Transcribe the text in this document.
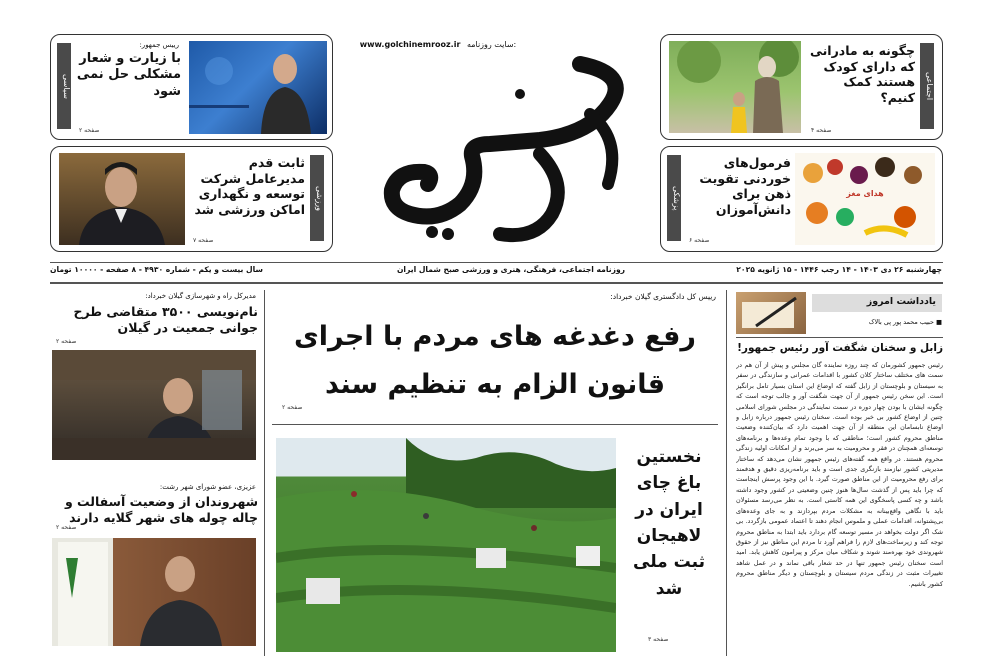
سیاسی
رییس جمهور:
با زیارت و شعار مشکلی حل نمی شود
صفحه ۲
ورزشی
ثابت قدم مدیرعامل شرکت توسعه و نگهداری اماکن ورزشی شد
صفحه ۷
www.golchinemrooz.ir سایت روزنامه:	چگونه به مادرانی که دارای کودک هستند کمک کنیم؟
صفحه ۴
اجتماعی
پزشکی
فرمول‌های خوردنی تقویت ذهن برای دانش‌آموزان
صفحه ۶
هدای مغز
چهارشنبه ۲۶ دی ۱۴۰۳ - ۱۴ رجب ۱۴۴۶ - ۱۵ ژانویه ۲۰۲۵
روزنامه اجتماعی، فرهنگی، هنری و ورزشی صبح شمال ایران
سال بیست و یکم - شماره ۴۹۳۰ - ۸ صفحه - ۱۰۰۰۰ تومان
مدیرکل راه و شهرسازی گیلان خبرداد:
نام‌نویسی ۳۵۰۰ متقاضی طرح جوانی جمعیت در گیلان
صفحه ۲
عزیزی، عضو شورای شهر رشت:
شهروندان از وضعیت آسفالت و چاله چوله های شهر گلایه دارند
صفحه ۲
رییس کل دادگستری گیلان خبرداد:
رفع دغدغه های مردم با اجرای
قانون الزام به تنظیم سند
صفحه ۲
نخستین باغ چای ایران در لاهیجان ثبت ملی شد
صفحه ۳
یادداشت امروز
■ حبیب محمد پور پی بالاک
زابل و سخنان شگفت آور رئیس جمهور!
رئیس جمهور کشورمان که چند روزه نماینده گان مجلس و پیش از آن هم در سمت های مختلف ساختار کلان کشور با اقدامات عمرانی و سازندگی در سفر به سیستان و بلوچستان از زابل گفته که اوضاع این استان بسیار تامل برانگیز است. این سخن رئیس جمهور از آن جهت شگفت آور و جالب توجه است که چگونه ایشان با بودن چهار دوره در سمت نمایندگی در مجلس شورای اسلامی چنین از اوضاع کشور بی خبر بوده است. سخنان رئیس جمهور درباره زابل و اوضاع نابسامان این منطقه از آن جهت اهمیت دارد که بیان‌کننده وضعیت مناطق محروم کشور است؛ مناطقی که با وجود تمام وعده‌ها و برنامه‌های توسعه‌ای همچنان در فقر و محرومیت به سر می‌برند و از امکانات اولیه زندگی محروم هستند. در واقع همه گفته‌های رئیس جمهور نشان می‌دهد که ساختار مدیریتی کشور نیازمند بازنگری جدی است و باید برنامه‌ریزی دقیق و هدفمند برای رفع محرومیت از این مناطق صورت گیرد. با این وجود پرسش اینجاست که چرا باید پس از گذشت سال‌ها هنوز چنین وضعیتی در کشور وجود داشته باشد و چه کسی پاسخگوی این همه کاستی است. به نظر می‌رسد مسئولان باید با نگاهی واقع‌بینانه به مشکلات مردم بپردازند و به جای وعده‌های بی‌پشتوانه، اقدامات عملی و ملموس انجام دهند تا اعتماد عمومی بازگردد. بی شک اگر دولت بخواهد در مسیر توسعه گام بردارد باید ابتدا به مناطق محروم توجه کند و زیرساخت‌های لازم را فراهم آورد تا مردم این مناطق نیز از حقوق شهروندی خود بهره‌مند شوند و شکاف میان مرکز و پیرامون کاهش یابد. امید است سخنان رئیس جمهور تنها در حد شعار باقی نماند و در عمل شاهد تغییرات مثبت در زندگی مردم سیستان و بلوچستان و دیگر مناطق محروم کشور باشیم.
